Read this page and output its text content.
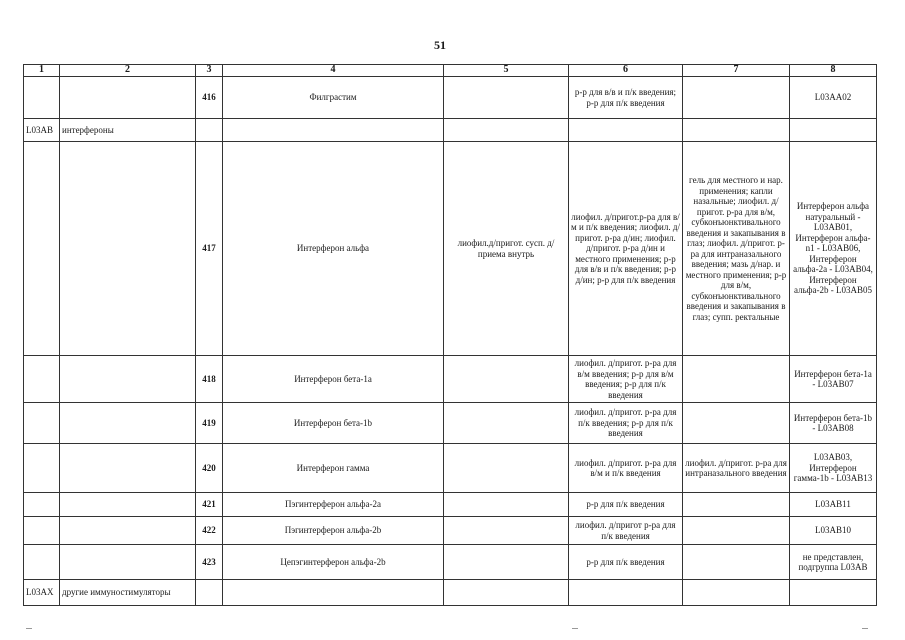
51
1	2	3	4	5	6	7	8
		416	Филграстим		р-р для в/в и п/к введения; р-р для п/к введения		L03AA02
L03AB	интерфероны						
		417	Интерферон альфа	лиофил.д/пригот. сусп. д/приема внутрь	лиофил. д/пригот.р-ра для в/м и п/к введения; лиофил. д/пригот. р-ра д/ин; лиофил. д/пригот. р-ра д/ин и местного применения; р-р для в/в и п/к введения; р-р д/ин; р-р для п/к введения	гель для местного и нар. применения; капли назальные; лиофил. д/пригот. р-ра для в/м, субконъюнктивального введения и закапывания в глаз; лиофил. д/пригот. р-ра для интраназального введения; мазь д/нар. и местного применения; р-р для в/м, субконъюнктивального введения и закапывания в глаз; супп. ректальные	Интерферон альфа натуральный - L03AB01, Интерферон альфа-n1 - L03AB06, Интерферон альфа-2a - L03AB04, Интерферон альфа-2b - L03AB05
		418	Интерферон бета-1a		лиофил. д/пригот. р-ра для в/м введения; р-р для в/м введения; р-р для п/к введения		Интерферон бета-1a - L03AB07
		419	Интерферон бета-1b		лиофил. д/пригот. р-ра для п/к введения; р-р для п/к введения		Интерферон бета-1b - L03AB08
		420	Интерферон гамма		лиофил. д/пригот. р-ра для в/м и п/к введения	лиофил. д/пригот. р-ра для интраназального введения	L03AB03, Интерферон гамма-1b - L03AB13
		421	Пэгинтерферон альфа-2a		р-р для п/к введения		L03AB11
		422	Пэгинтерферон альфа-2b		лиофил. д/пригот р-ра для п/к введения		L03AB10
		423	Цепэгинтерферон альфа-2b		р-р для п/к введения		не представлен, подгруппа L03AB
L03AX	другие иммуностимуляторы						
